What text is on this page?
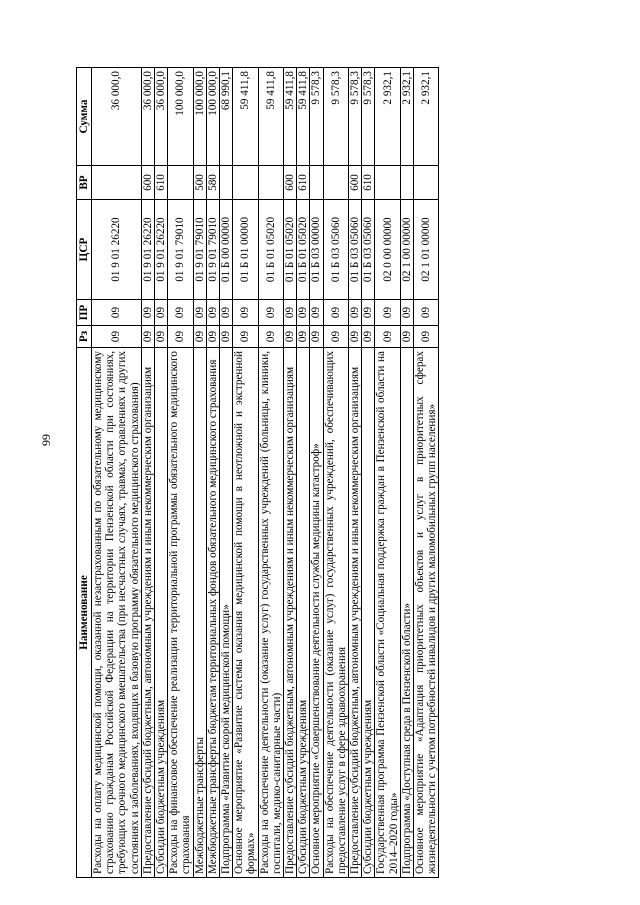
99
Наименование	Рз	ПР	ЦСР	ВР	Сумма
Расходы на оплату медицинской помощи, оказанной незастрахованным по обязательному медицинскому страхованию гражданам Российской Федерации на территории Пензенской области при состояниях, требующих срочного медицинского вмешательства (при несчастных случаях, травмах, отравлениях и других состояниях и заболеваниях, входящих в базовую программу обязательного медицинского страхования)	09	09	01 9 01 26220		36 000,0
Предоставление субсидий бюджетным, автономным учреждениям и иным некоммерческим организациям	09	09	01 9 01 26220	600	36 000,0
Субсидии бюджетным учреждениям	09	09	01 9 01 26220	610	36 000,0
Расходы на финансовое обеспечение реализации территориальной программы обязательного медицинского страхования	09	09	01 9 01 79010		100 000,0
Межбюджетные трансферты	09	09	01 9 01 79010	500	100 000,0
Межбюджетные трансферты бюджетам территориальных фондов обязательного медицинского страхования	09	09	01 9 01 79010	580	100 000,0
Подпрограмма «Развитие скорой медицинской помощи»	09	09	01 Б 00 00000		68 990,1
Основное мероприятие «Развитие системы оказания медицинской помощи в неотложной и экстренной формах»	09	09	01 Б 01 00000		59 411,8
Расходы на обеспечение деятельности (оказание услуг) государственных учреждений (больницы, клиники, госпитали, медико-санитарные части)	09	09	01 Б 01 05020		59 411,8
Предоставление субсидий бюджетным, автономным учреждениям и иным некоммерческим организациям	09	09	01 Б 01 05020	600	59 411,8
Субсидии бюджетным учреждениям	09	09	01 Б 01 05020	610	59 411,8
Основное мероприятие «Совершенствование деятельности службы медицины катастроф»	09	09	01 Б 03 00000		9 578,3
Расходы на обеспечение деятельности (оказание услуг) государственных учреждений, обеспечивающих предоставление услуг в сфере здравоохранения	09	09	01 Б 03 05060		9 578,3
Предоставление субсидий бюджетным, автономным учреждениям и иным некоммерческим организациям	09	09	01 Б 03 05060	600	9 578,3
Субсидии бюджетным учреждениям	09	09	01 Б 03 05060	610	9 578,3
Государственная программа Пензенской области «Социальная поддержка граждан в Пензенской области на 2014–2020 годы»	09	09	02 0 00 00000		2 932,1
Подпрограмма «Доступная среда в Пензенской области»	09	09	02 1 00 00000		2 932,1
Основное мероприятие «Адаптация приоритетных объектов и услуг в приоритетных сферах жизнедеятельности с учетом потребностей инвалидов и других маломобильных групп населения»	09	09	02 1 01 00000		2 932,1
